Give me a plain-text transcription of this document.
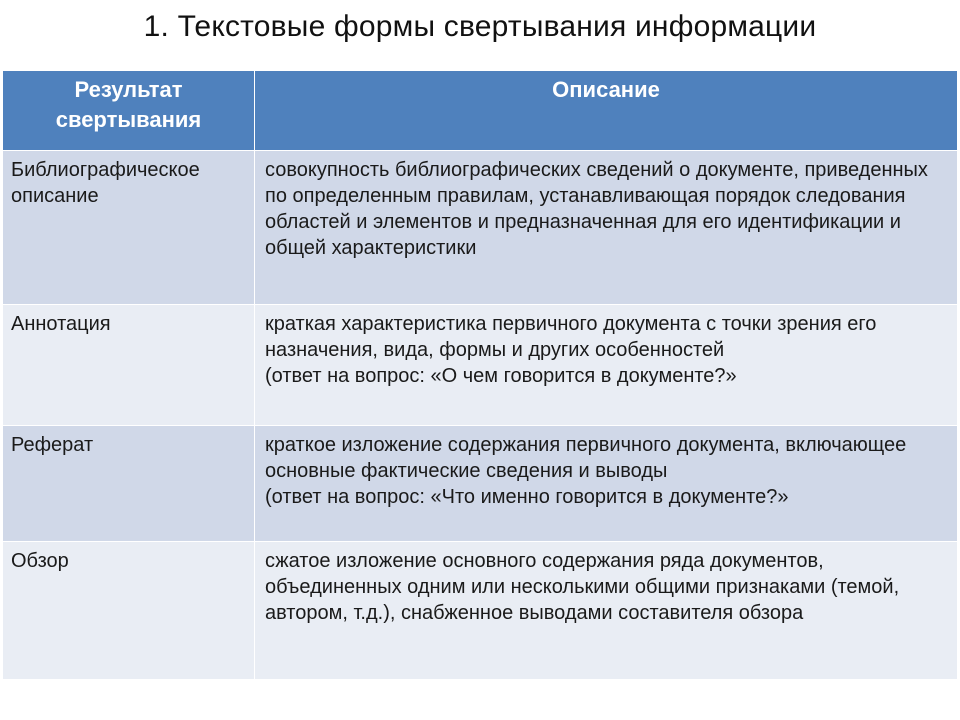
1. Текстовые формы свертывания информации
Результат свертывания	Описание
Библиографическое описание	совокупность библиографических сведений о документе, приведенных по определенным правилам, устанавливающая порядок следования областей и элементов и предназначенная для его идентификации и общей характеристики

Аннотация	краткая характеристика первичного документа с точки зрения его назначения, вида, формы и других особенностей
(ответ на вопрос: «О чем говорится в документе?»

Реферат	краткое изложение содержания первичного документа, включающее основные фактические сведения и выводы
(ответ на вопрос: «Что именно говорится в документе?»

Обзор	сжатое изложение основного содержания ряда документов, объединенных одним или несколькими общими признаками (темой, автором, т.д.), снабженное выводами составителя обзора
